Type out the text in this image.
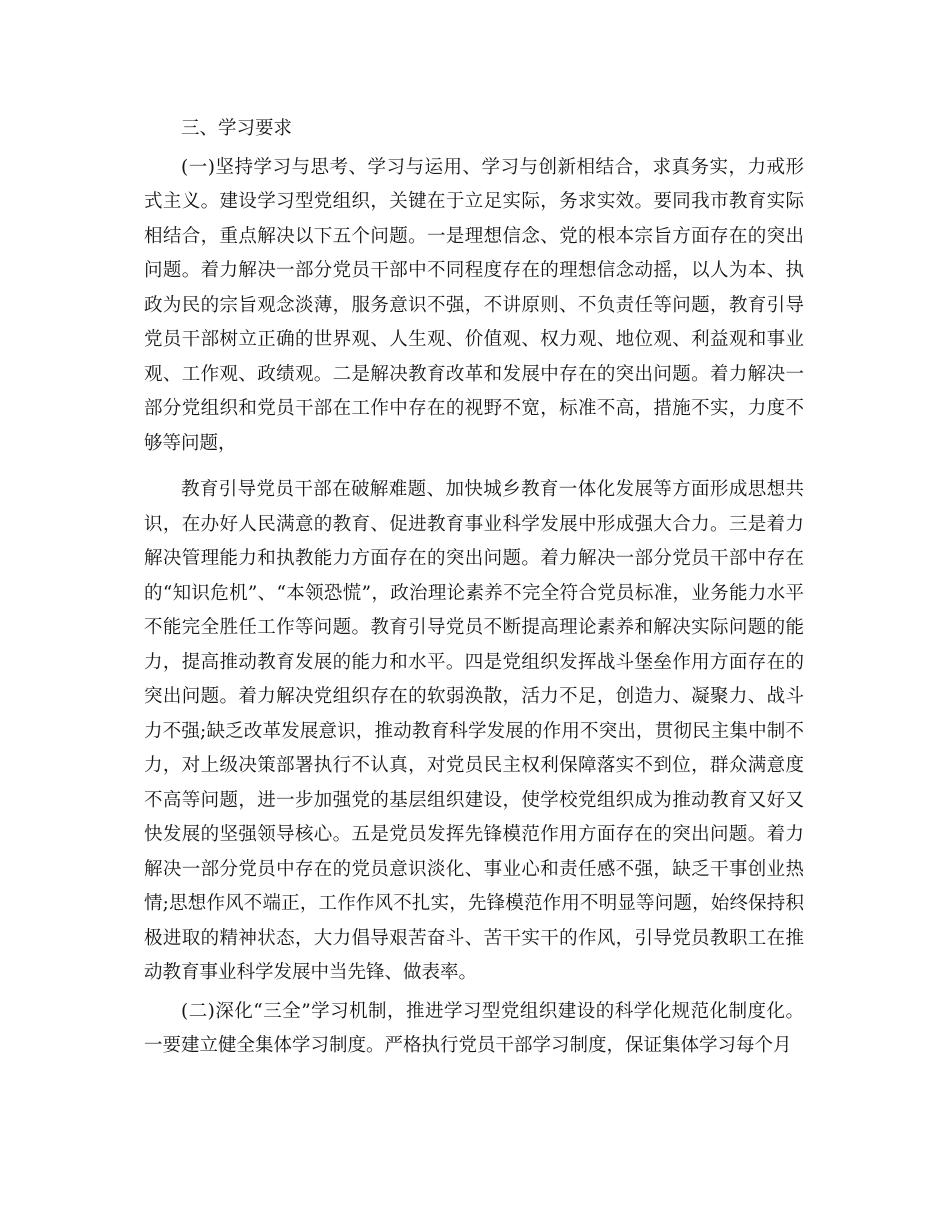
三、学习要求

(一)坚持学习与思考、学习与运用、学习与创新相结合，求真务实，力戒形式主义。建设学习型党组织，关键在于立足实际，务求实效。要同我市教育实际相结合，重点解决以下五个问题。一是理想信念、党的根本宗旨方面存在的突出问题。着力解决一部分党员干部中不同程度存在的理想信念动摇，以人为本、执政为民的宗旨观念淡薄，服务意识不强，不讲原则、不负责任等问题，教育引导党员干部树立正确的世界观、人生观、价值观、权力观、地位观、利益观和事业观、工作观、政绩观。二是解决教育改革和发展中存在的突出问题。着力解决一部分党组织和党员干部在工作中存在的视野不宽，标准不高，措施不实，力度不够等问题，

教育引导党员干部在破解难题、加快城乡教育一体化发展等方面形成思想共识，在办好人民满意的教育、促进教育事业科学发展中形成强大合力。三是着力解决管理能力和执教能力方面存在的突出问题。着力解决一部分党员干部中存在的“知识危机”、“本领恐慌”，政治理论素养不完全符合党员标准，业务能力水平不能完全胜任工作等问题。教育引导党员不断提高理论素养和解决实际问题的能力，提高推动教育发展的能力和水平。四是党组织发挥战斗堡垒作用方面存在的突出问题。着力解决党组织存在的软弱涣散，活力不足，创造力、凝聚力、战斗力不强;缺乏改革发展意识，推动教育科学发展的作用不突出，贯彻民主集中制不力，对上级决策部署执行不认真，对党员民主权利保障落实不到位，群众满意度不高等问题，进一步加强党的基层组织建设，使学校党组织成为推动教育又好又快发展的坚强领导核心。五是党员发挥先锋模范作用方面存在的突出问题。着力解决一部分党员中存在的党员意识淡化、事业心和责任感不强，缺乏干事创业热情;思想作风不端正，工作作风不扎实，先锋模范作用不明显等问题，始终保持积极进取的精神状态，大力倡导艰苦奋斗、苦干实干的作风，引导党员教职工在推动教育事业科学发展中当先锋、做表率。

(二)深化“三全”学习机制，推进学习型党组织建设的科学化规范化制度化。一要建立健全集体学习制度。严格执行党员干部学习制度，保证集体学习每个月
